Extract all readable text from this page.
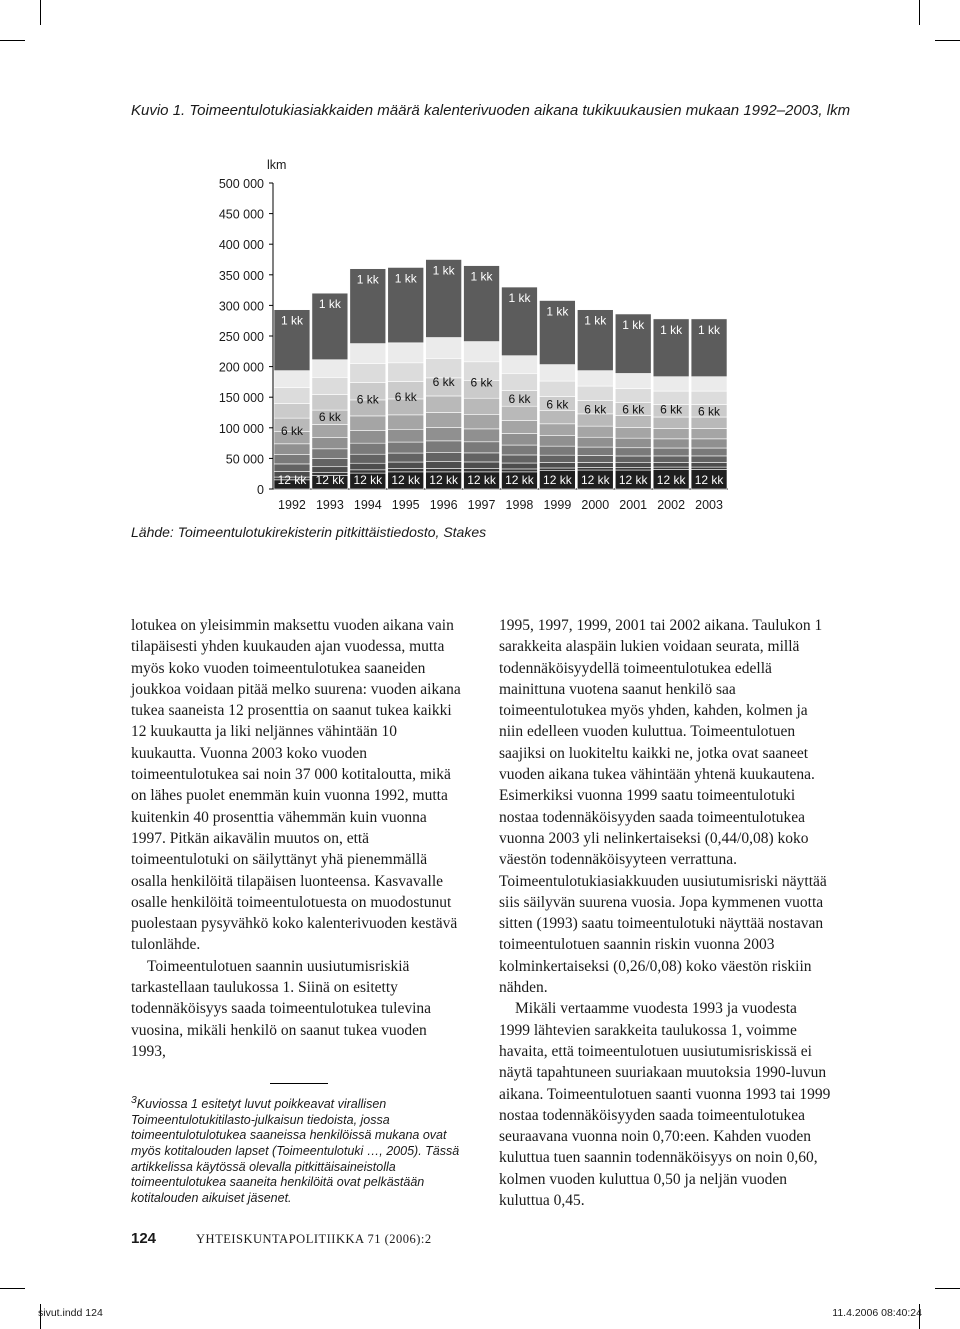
Kuvio 1. Toimeentulotukiasiakkaiden määrä kalenterivuoden aikana tukikuukausien mukaan 1992–2003, lkm
0
50 000
100 000
150 000
200 000
250 000
300 000
350 000
400 000
450 000
500 000
lkm
12 kk
6 kk
1 kk
1992
12 kk
6 kk
1 kk
1993
12 kk
6 kk
1 kk
1994
12 kk
6 kk
1 kk
1995
12 kk
6 kk
1 kk
1996
12 kk
6 kk
1 kk
1997
12 kk
6 kk
1 kk
1998
12 kk
6 kk
1 kk
1999
12 kk
6 kk
1 kk
2000
12 kk
6 kk
1 kk
2001
12 kk
6 kk
1 kk
2002
12 kk
6 kk
1 kk
2003
Lähde: Toimeentulotukirekisterin pitkittäistiedosto, Stakes

lotukea on yleisimmin maksettu vuoden aikana vain tilapäisesti yhden kuukauden ajan vuodessa, mutta myös koko vuoden toimeentulotukea saaneiden joukkoa voidaan pitää melko suurena: vuoden aikana tukea saaneista 12 prosenttia on saanut tukea kaikki 12 kuukautta ja liki neljännes vähintään 10 kuukautta. Vuonna 2003 koko vuoden toimeentulotukea sai noin 37 000 kotitaloutta, mikä on lähes puolet enemmän kuin vuonna 1992, mutta kuitenkin 40 prosenttia vähemmän kuin vuonna 1997. Pitkän aikavälin muutos on, että toimeentulotuki on säilyttänyt yhä pienemmällä osalla henkilöitä tilapäisen luonteensa. Kasvavalle osalle henkilöitä toimeentulotuesta on muodostunut puolestaan pysyvähkö koko kalenterivuoden kestävä tulonlähde.

Toimeentulotuen saannin uusiutumisriskiä tarkastellaan taulukossa 1. Siinä on esitetty todennäköisyys saada toimeentulotukea tulevina vuosina, mikäli henkilö on saanut tukea vuoden 1993,

$^3$Kuviossa 1 esitetyt luvut poikkeavat virallisen Toimeentulotukitilasto-julkaisun tiedoista, jossa toimeentulotulotukea saaneissa henkilöissä mukana ovat myös kotitalouden lapset (Toimeentulotuki …, 2005). Tässä artikkelissa käytössä olevalla pitkittäisaineistolla toimeentulotukea saaneita henkilöitä ovat pelkästään kotitalouden aikuiset jäsenet.

1995, 1997, 1999, 2001 tai 2002 aikana. Taulukon 1 sarakkeita alaspäin lukien voidaan seurata, millä todennäköisyydellä toimeentulotukea edellä mainittuna vuotena saanut henkilö saa toimeentulotukea myös yhden, kahden, kolmen ja niin edelleen vuoden kuluttua. Toimeentulotuen saajiksi on luokiteltu kaikki ne, jotka ovat saaneet vuoden aikana tukea vähintään yhtenä kuukautena. Esimerkiksi vuonna 1999 saatu toimeentulotuki nostaa todennäköisyyden saada toimeentulotukea vuonna 2003 yli nelinkertaiseksi (0,44/0,08) koko väestön todennäköisyyteen verrattuna. Toimeentulotukiasiakkuuden uusiutumisriski näyttää siis säilyvän suurena vuosia. Jopa kymmenen vuotta sitten (1993) saatu toimeentulotuki näyttää nostavan toimeentulotuen saannin riskin vuonna 2003 kolminkertaiseksi (0,26/0,08) koko väestön riskiin nähden.

Mikäli vertaamme vuodesta 1993 ja vuodesta 1999 lähtevien sarakkeita taulukossa 1, voimme havaita, että toimeentulotuen uusiutumisriskissä ei näytä tapahtuneen suuriakaan muutoksia 1990-luvun aikana. Toimeentulotuen saanti vuonna 1993 tai 1999 nostaa todennäköisyyden saada toimeentulotukea seuraavana vuonna noin 0,70:een. Kahden vuoden kuluttua tuen saannin todennäköisyys on noin 0,60, kolmen vuoden kuluttua 0,50 ja neljän vuoden kuluttua 0,45.

124	YHTEISKUNTAPOLITIIKKA 71 (2006):2
sivut.indd 124	11.4.2006 08:40:24
